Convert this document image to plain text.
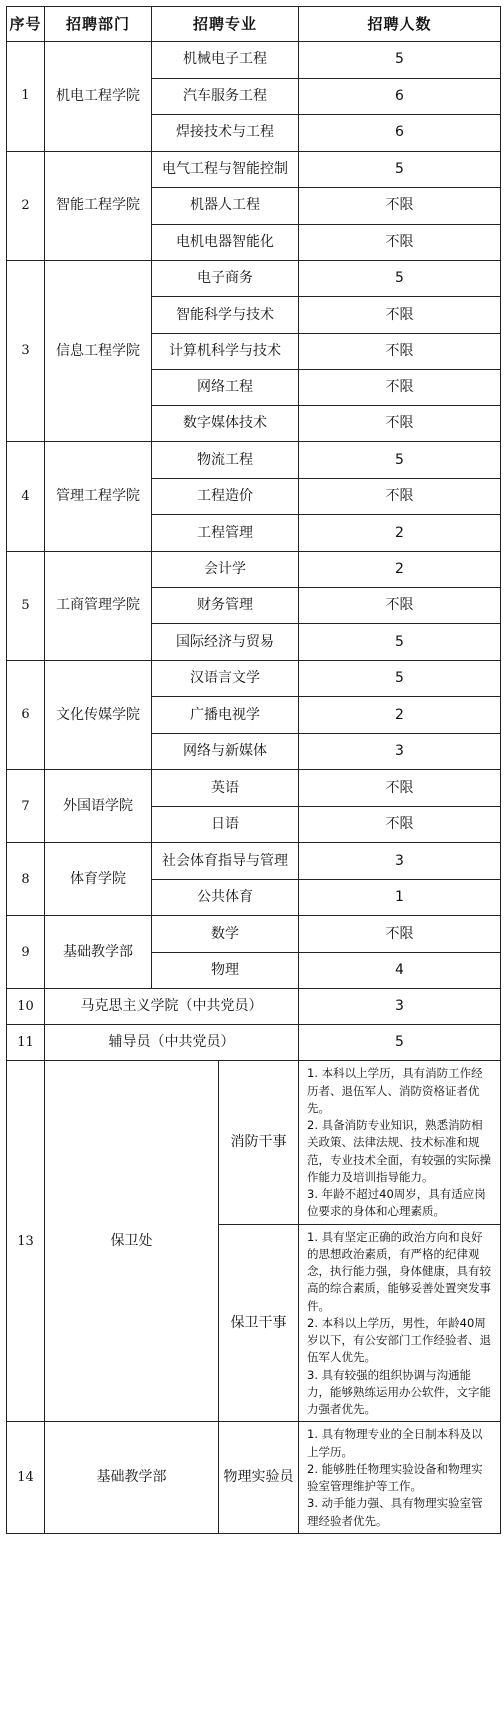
序号	招聘部门	招聘专业		招聘人数
1	机电工程学院	机械电子工程		5
		汽车服务工程		6
		焊接技术与工程		6
2	智能工程学院	电气工程与智能控制		5
		机器人工程		不限
		电机电器智能化		不限
3	信息工程学院	电子商务		5
		智能科学与技术		不限
		计算机科学与技术		不限
		网络工程		不限
		数字媒体技术		不限
4	管理工程学院	物流工程		5
		工程造价		不限
		工程管理		2
5	工商管理学院	会计学		2
		财务管理		不限
		国际经济与贸易		5
6	文化传媒学院	汉语言文学		5
		广播电视学		2
		网络与新媒体		3
7	外国语学院	英语		不限
		日语		不限
8	体育学院	社会体育指导与管理		3
		公共体育		1
9	基础教学部	数学		不限
		物理		4
10	马克思主义学院（中共党员）			3
11	辅导员（中共党员）			5
13	保卫处		消防干事	1. 本科以上学历，具有消防工作经历者、退伍军人、消防资格证者优先。
2. 具备消防专业知识，熟悉消防相关政策、法律法规、技术标准和规范，专业技术全面，有较强的实际操作能力及培训指导能力。
3. 年龄不超过40周岁，具有适应岗位要求的身体和心理素质。

			保卫干事	1. 具有坚定正确的政治方向和良好的思想政治素质，有严格的纪律观念，执行能力强，身体健康，具有较高的综合素质，能够妥善处置突发事件。
2. 本科以上学历，男性，年龄40周岁以下，有公安部门工作经验者、退伍军人优先。
3. 具有较强的组织协调与沟通能力，能够熟练运用办公软件，文字能力强者优先。

14	基础教学部		物理实验员	1. 具有物理专业的全日制本科及以上学历。
2. 能够胜任物理实验设备和物理实验室管理维护等工作。
3. 动手能力强、具有物理实验室管理经验者优先。
